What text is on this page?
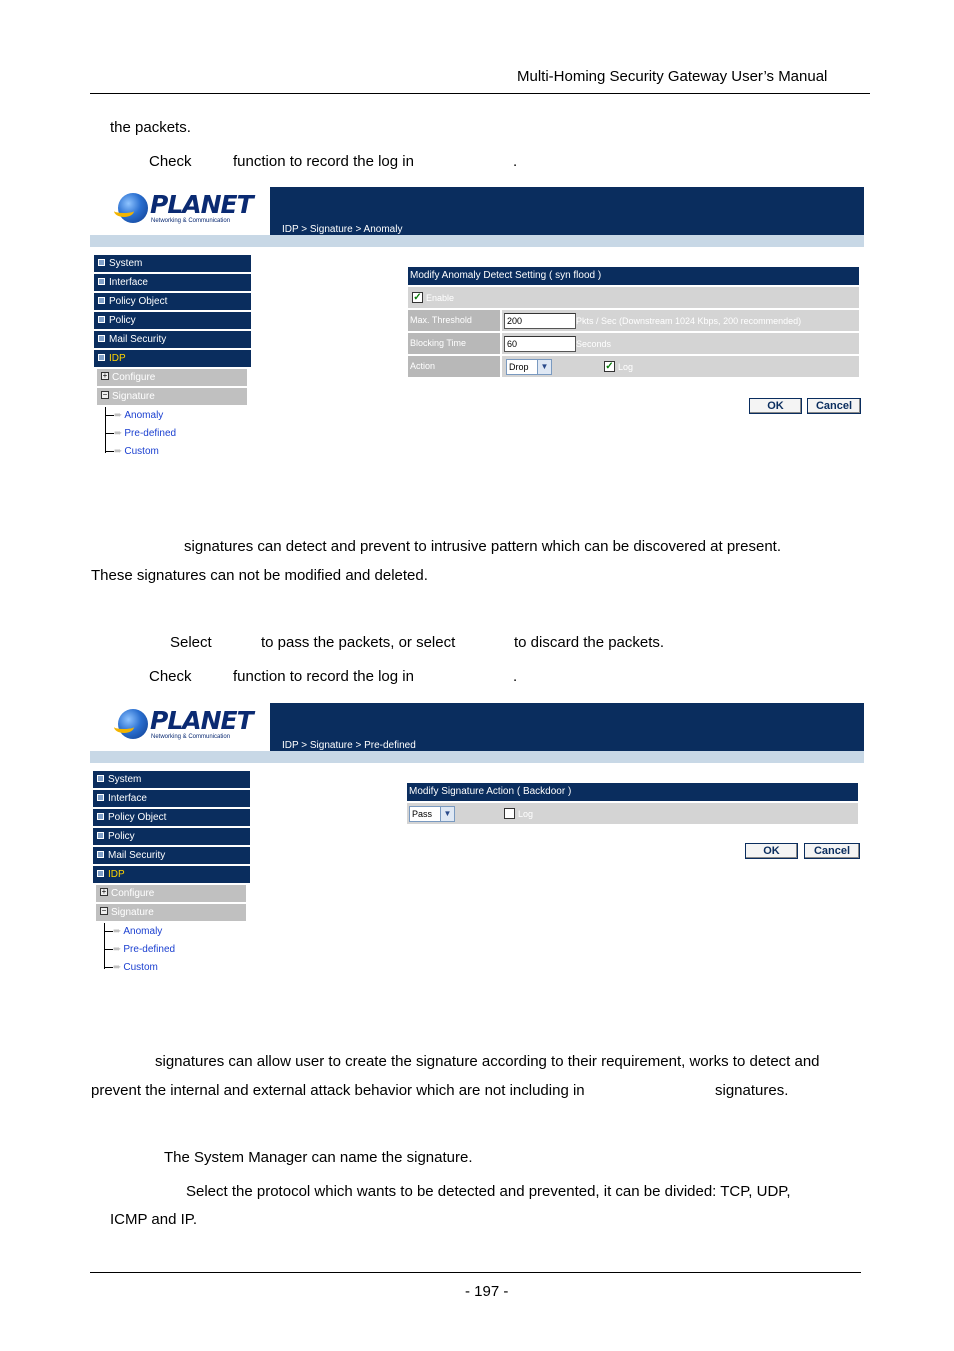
Multi-Homing Security Gateway User’s Manual
the packets.
Check	function to record the log in	.
PLANET
Networking & Communication
IDP > Signature > Anomaly
System
Interface
Policy Object
Policy
Mail Security
IDP
+ Configure
− Signature
➨ Anomaly
➨ Pre-defined
➨ Custom
Modify Anomaly Detect Setting ( syn flood )
✓ Enable
Max. Threshold	200	Pkts / Sec (Downstream 1024 Kbps, 200 recommended)
Blocking Time	60	Seconds
Action	Drop	▼	✓ Log
OK	Cancel
signatures can detect and prevent to intrusive pattern which can be discovered at present.
These signatures can not be modified and deleted.
Select	to pass the packets, or select	to discard the packets.
Check	function to record the log in	.
PLANET
Networking & Communication
IDP > Signature > Pre-defined
System
Interface
Policy Object
Policy
Mail Security
IDP
+ Configure
− Signature
➨ Anomaly
➨ Pre-defined
➨ Custom
Modify Signature Action ( Backdoor )
Pass	▼	Log
OK	Cancel
signatures can allow user to create the signature according to their requirement, works to detect and
prevent the internal and external attack behavior which are not including in	signatures.
The System Manager can name the signature.
Select the protocol which wants to be detected and prevented, it can be divided: TCP, UDP,
ICMP and IP.
- 197 -
